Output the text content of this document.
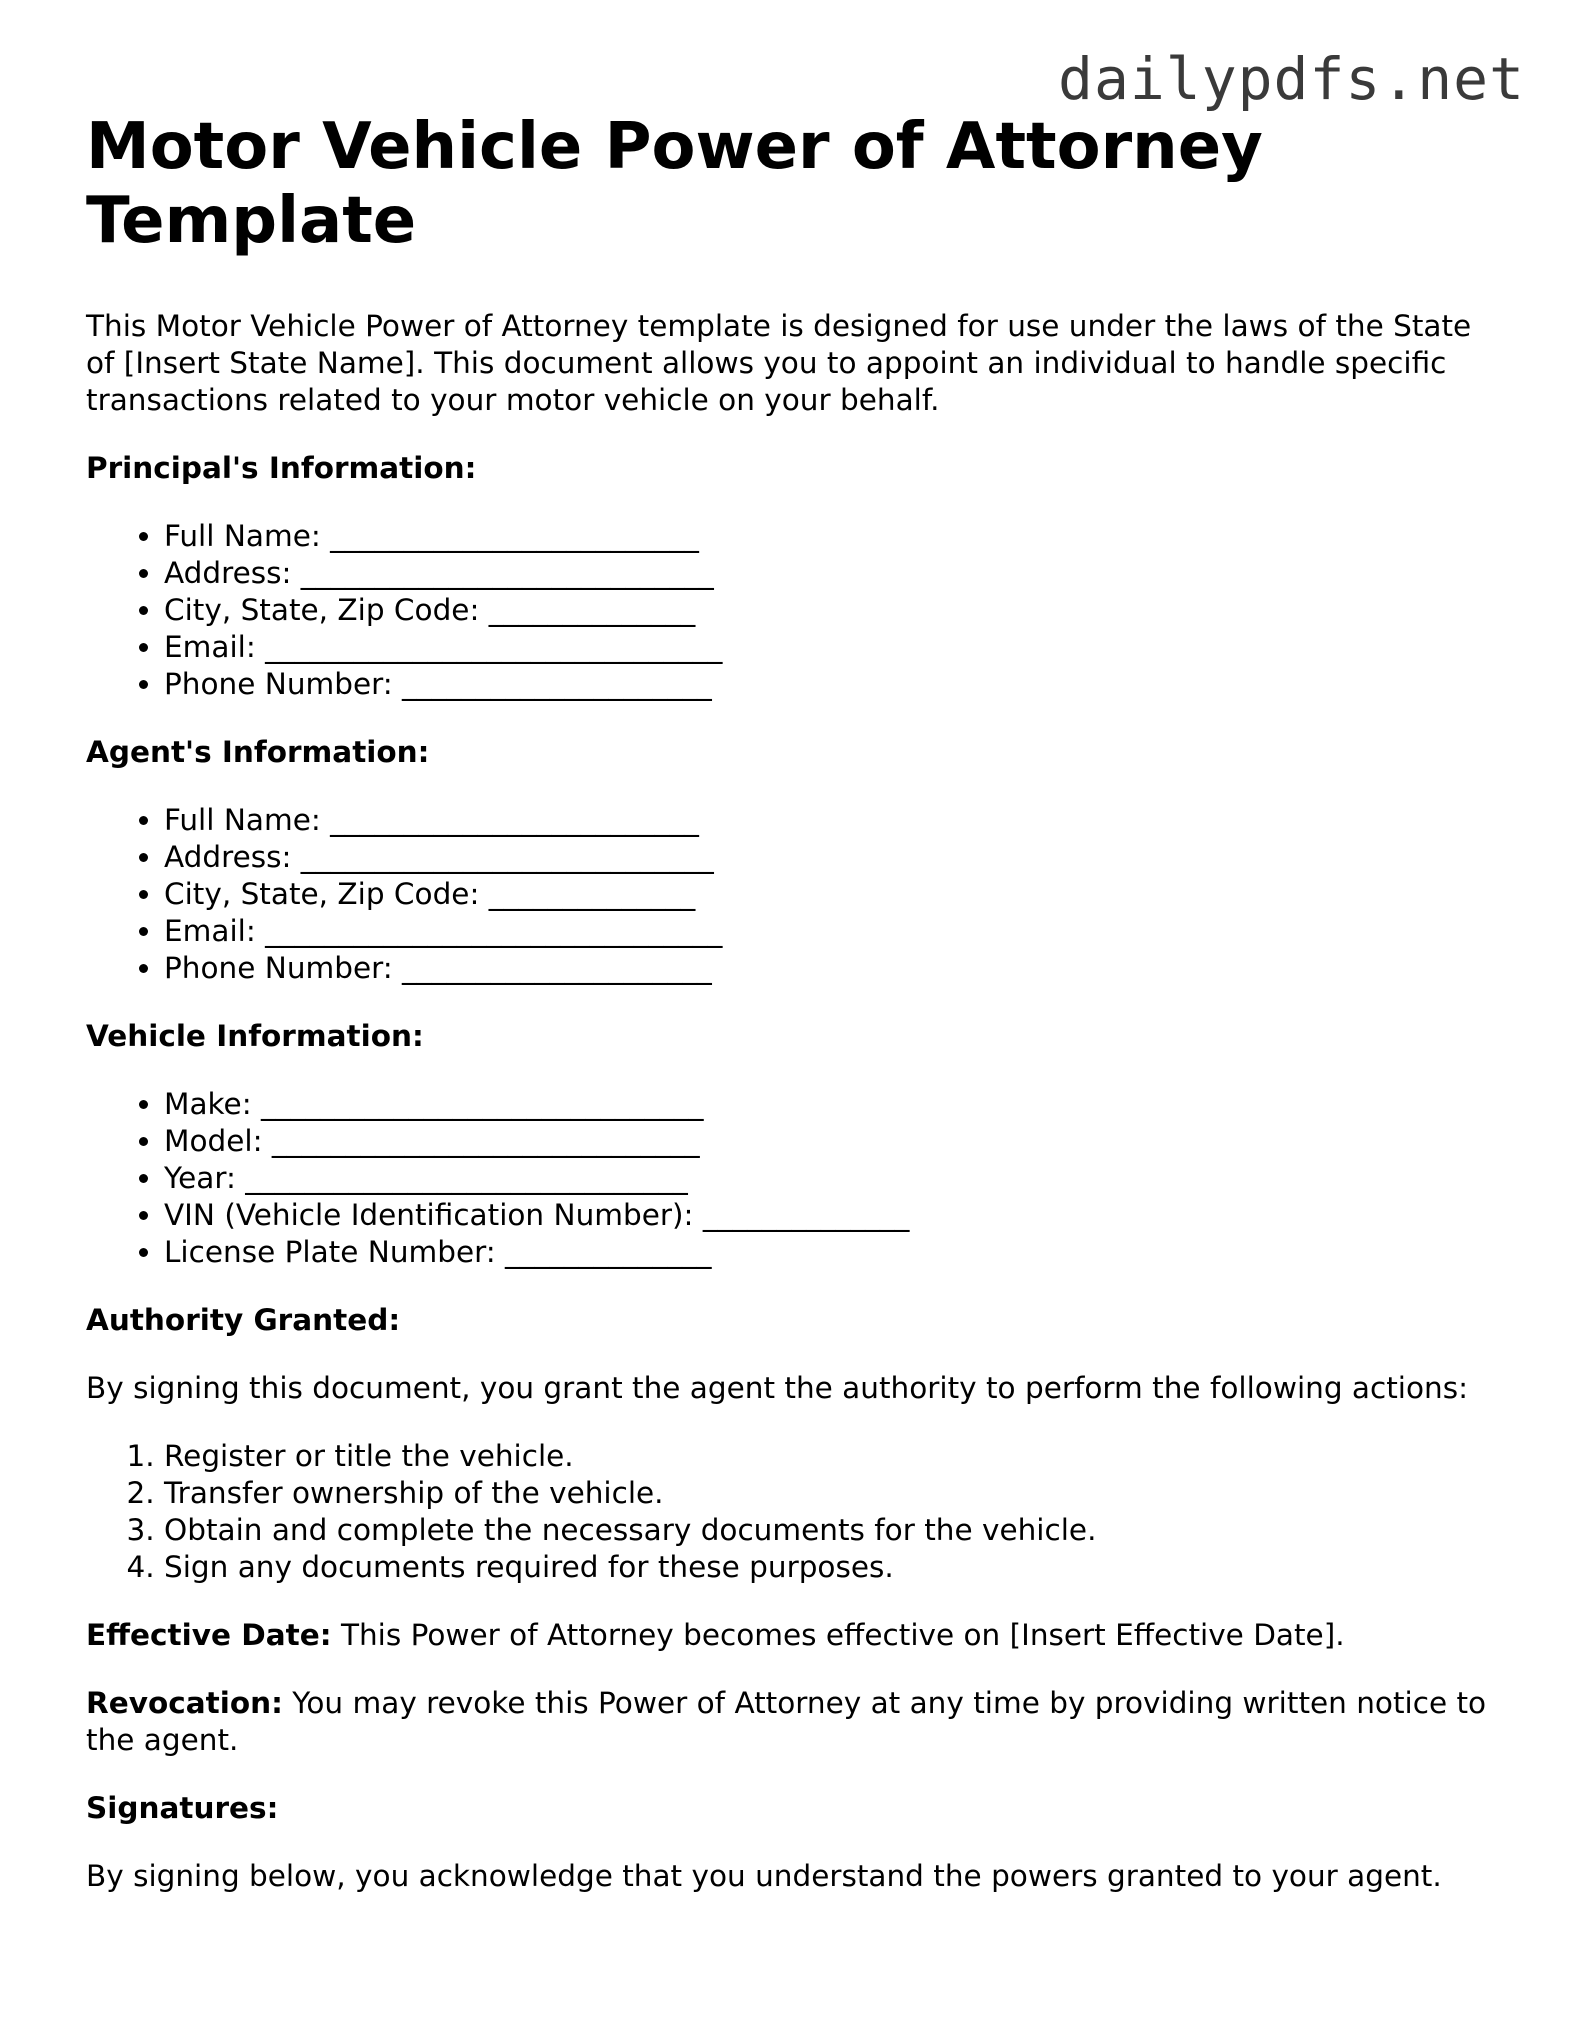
dailypdfs.net
Motor Vehicle Power of Attorney Template

This Motor Vehicle Power of Attorney template is designed for use under the laws of the State of [Insert State Name]. This document allows you to appoint an individual to handle specific transactions related to your motor vehicle on your behalf.

Principal's Information:
• Full Name: _________________________
• Address: ____________________________
• City, State, Zip Code: ______________
• Email: _______________________________
• Phone Number: _____________________
Agent's Information:
• Full Name: _________________________
• Address: ____________________________
• City, State, Zip Code: ______________
• Email: _______________________________
• Phone Number: _____________________
Vehicle Information:
• Make: ______________________________
• Model: _____________________________
• Year: ______________________________
• VIN (Vehicle Identification Number): ______________
• License Plate Number: ______________
Authority Granted:

By signing this document, you grant the agent the authority to perform the following actions:

1. Register or title the vehicle.
2. Transfer ownership of the vehicle.
3. Obtain and complete the necessary documents for the vehicle.
4. Sign any documents required for these purposes.

Effective Date: This Power of Attorney becomes effective on [Insert Effective Date].

Revocation: You may revoke this Power of Attorney at any time by providing written notice to the agent.

Signatures:

By signing below, you acknowledge that you understand the powers granted to your agent.
